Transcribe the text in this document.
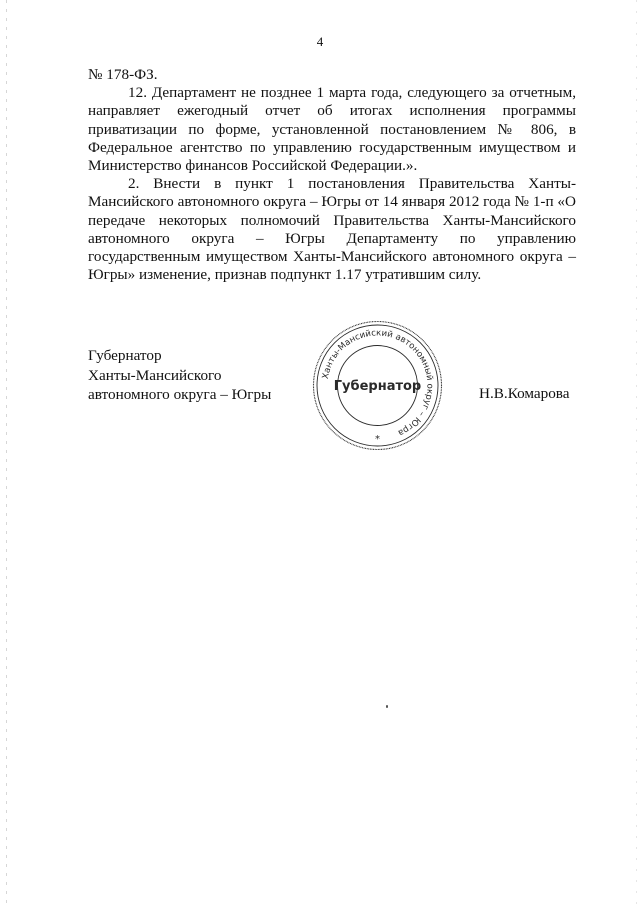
4

№ 178-ФЗ.

12. Департамент не позднее 1 марта года, следующего за отчетным, направляет ежегодный отчет об итогах исполнения программы приватизации по форме, установленной постановлением № 806, в Федеральное агентство по управлению государственным имуществом и Министерство финансов Российской Федерации.».

2. Внести в пункт 1 постановления Правительства Ханты-Мансийского автономного округа – Югры от 14 января 2012 года № 1-п «О передаче некоторых полномочий Правительства Ханты-Мансийского автономного округа – Югры Департаменту по управлению государственным имуществом Ханты-Мансийского автономного округа – Югры» изменение, признав подпункт 1.17 утратившим силу.

Губернатор
Ханты-Мансийского
автономного округа – Югры
Ханты-Мансийский автономный округ – Югра
Губернатор
*
Н.В.Комарова
